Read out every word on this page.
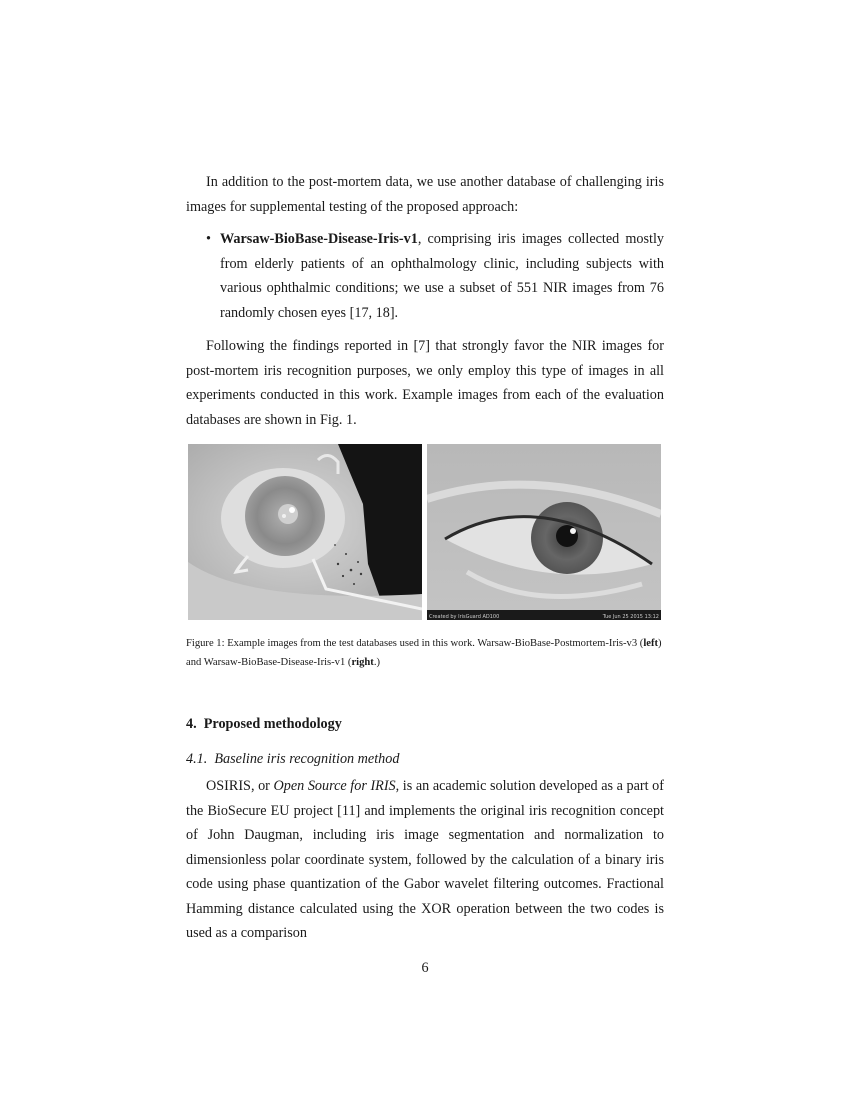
In addition to the post-mortem data, we use another database of challenging iris images for supplemental testing of the proposed approach:

• Warsaw-BioBase-Disease-Iris-v1, comprising iris images collected mostly from elderly patients of an ophthalmology clinic, including subjects with various ophthalmic conditions; we use a subset of 551 NIR images from 76 randomly chosen eyes [17, 18].

Following the findings reported in [7] that strongly favor the NIR images for post-mortem iris recognition purposes, we only employ this type of images in all experiments conducted in this work. Example images from each of the evaluation databases are shown in Fig. 1.

Created by IrisGuard AD100	Tue Jun 25 2015 13:12

Figure 1: Example images from the test databases used in this work. Warsaw-BioBase-Postmortem-Iris-v3 (left) and Warsaw-BioBase-Disease-Iris-v1 (right.)

4. Proposed methodology
4.1. Baseline iris recognition method

OSIRIS, or Open Source for IRIS, is an academic solution developed as a part of the BioSecure EU project [11] and implements the original iris recognition concept of John Daugman, including iris image segmentation and normalization to dimensionless polar coordinate system, followed by the calculation of a binary iris code using phase quantization of the Gabor wavelet filtering outcomes. Fractional Hamming distance calculated using the XOR operation between the two codes is used as a comparison

6
